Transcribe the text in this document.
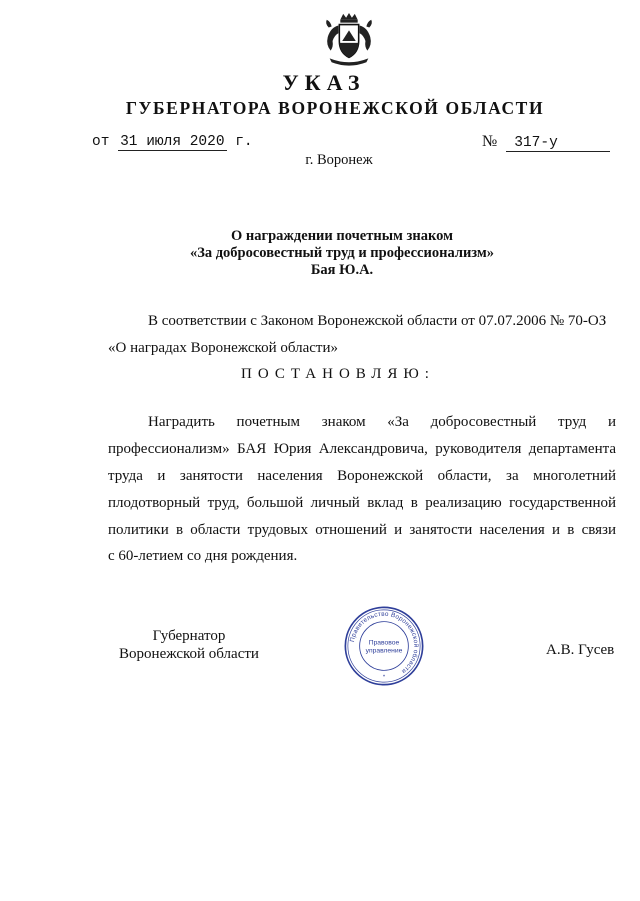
УКАЗ
ГУБЕРНАТОРА ВОРОНЕЖСКОЙ ОБЛАСТИ
от 31 июля 2020 г.	№ 317-у
г. Воронеж
О награждении почетным знаком
«За добросовестный труд и профессионализм»
Бая Ю.А.
В соответствии с Законом Воронежской области от 07.07.2006 № 70-ОЗ
«О наградах Воронежской области»
ПОСТАНОВЛЯЮ:
Наградить почетным знаком «За добросовестный труд и
профессионализм» БАЯ Юрия Александровича, руководителя департамента
труда и занятости населения Воронежской области, за многолетний
плодотворный труд, большой личный вклад в реализацию государственной
политики в области трудовых отношений и занятости населения и в связи
с 60-летием со дня рождения.
Губернатор
Воронежской области	А.В. Гусев
Правительство Воронежской области
Правовое
управление
*
